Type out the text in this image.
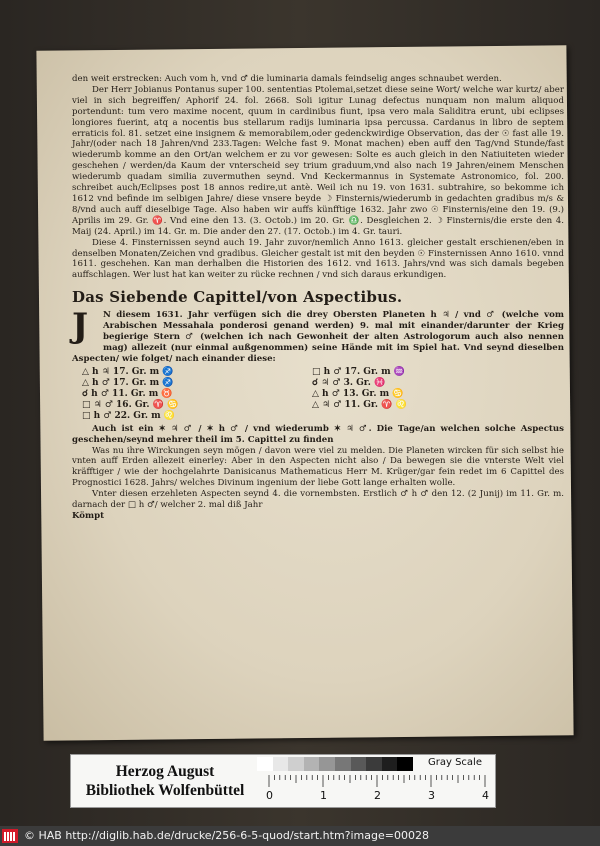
den weit erstrecken: Auch vom h, vnd ♂ die luminaria damals feindselig anges schnaubet werden.

Der Herr Jobianus Pontanus super 100. sententias Ptolemai,setzet diese seine Wort/ welche war kurtz/ aber viel in sich begreiffen/ Aphorif 24. fol. 2668. Soli igitur Lunag defectus nunquam non malum aliquod portendunt: tum vero maxime nocent, quum in cardinibus fiunt, ipsa vero mala Saliditra erunt, ubi eclipses longiores fuerint, atq a nocentis bus stellarum radijs luminaria ipsa percussa. Cardanus in libro de septem erraticis fol. 81. setzet eine insignem & memorabilem,oder gedenckwirdige Observation, das der ☉ fast alle 19. Jahr/(oder nach 18 Jahren/vnd 233.Tagen: Welche fast 9. Monat machen) eben auff den Tag/vnd Stunde/fast wiederumb komme an den Ort/an welchem er zu vor gewesen: Solte es auch gleich in den Natiuiteten wieder geschehen / werden/da Kaum der vnterscheid sey trium graduum,vnd also nach 19 Jahren/einem Menschen wiederumb quadam similia zuvermuthen seynd. Vnd Keckermannus in Systemate Astronomico, fol. 200. schreibet auch/Eclipses post 18 annos redire,ut antè. Weil ich nu 19. von 1631. subtrahire, so bekomme ich 1612 vnd befinde im selbigen Jahre/ diese vnsere beyde ☽ Finsternis/wiederumb in gedachten gradibus m/s & 8/vnd auch auff dieselbige Tage. Also haben wir auffs künfftige 1632. Jahr zwo ☉ Finsternis/eine den 19. (9.) Aprilis im 29. Gr. ♈. Vnd eine den 13. (3. Octob.) im 20. Gr. ♎. Desgleichen 2. ☽ Finsternis/die erste den 4. Maij (24. April.) im 14. Gr. m. Die ander den 27. (17. Octob.) im 4. Gr. tauri.

Diese 4. Finsternissen seynd auch 19. Jahr zuvor/nemlich Anno 1613. gleicher gestalt erschienen/eben in denselben Monaten/Zeichen vnd gradibus. Gleicher gestalt ist mit den beyden ☉ Finsternissen Anno 1610. vnnd 1611. geschehen. Kan man derhalben die Historien des 1612. vnd 1613. Jahrs/vnd was sich damals begeben auffschlagen. Wer lust hat kan weiter zu rücke rechnen / vnd sich daraus erkundigen.

Das Siebende Capittel/von Aspectibus.

J	N diesem 1631. Jahr verfügen sich die drey Obersten Planeten h ♃ / vnd ♂ (welche vom Arabischen Messahala ponderosi genand werden) 9. mal mit einander/darunter der Krieg begierige Stern ♂ (welchen ich nach Gewonheit der alten Astrologorum auch also nennen mag) allezeit (nur einmal außgenommen) seine Hände mit im Spiel hat. Vnd seynd dieselben Aspecten/ wie folget/ nach einander diese:

△ h ♃ 17. Gr. m ♐
△ h ♂ 17. Gr. m ♐
☌ h ♂ 11. Gr. m ♉
□ ♃ ♂ 16. Gr. ♈ ♋
□ h ♂ 22. Gr. m ♌
□ h ♂ 17. Gr. m ♒
☌ ♃ ♂ 3. Gr. ♓
△ h ♂ 13. Gr. m ♋
△ ♃ ♂ 11. Gr. ♈ ♌

Auch ist ein ✶ ♃ ♂ / ✶ h ♂ / vnd wiederumb ✶ ♃ ♂. Die Tage/an welchen solche Aspectus geschehen/seynd mehrer theil im 5. Capittel zu finden

Was nu ihre Wirckungen seyn mögen / davon were viel zu melden. Die Planeten wircken für sich selbst hie vnten auff Erden allezeit einerley: Aber in den Aspecten nicht also / Da bewegen sie die vnterste Welt viel kräfftiger / wie der hochgelahrte Danisicanus Mathematicus Herr M. Krüger/gar fein redet im 6 Capittel des Prognostici 1628. Jahrs/ welches Divinum ingenium der liebe Gott lange erhalten wolle.

Vnter diesen erzehleten Aspecten seynd 4. die vornembsten. Erstlich ♂ h ♂ den 12. (2 Junij) im 11. Gr. m. darnach der □ h ♂/ welcher 2. mal diß Jahr

Kömpt

Herzog August Bibliothek Wolfenbüttel
Gray Scale
0	1	2	3	4
© HAB http://diglib.hab.de/drucke/256-6-5-quod/start.htm?image=00028
